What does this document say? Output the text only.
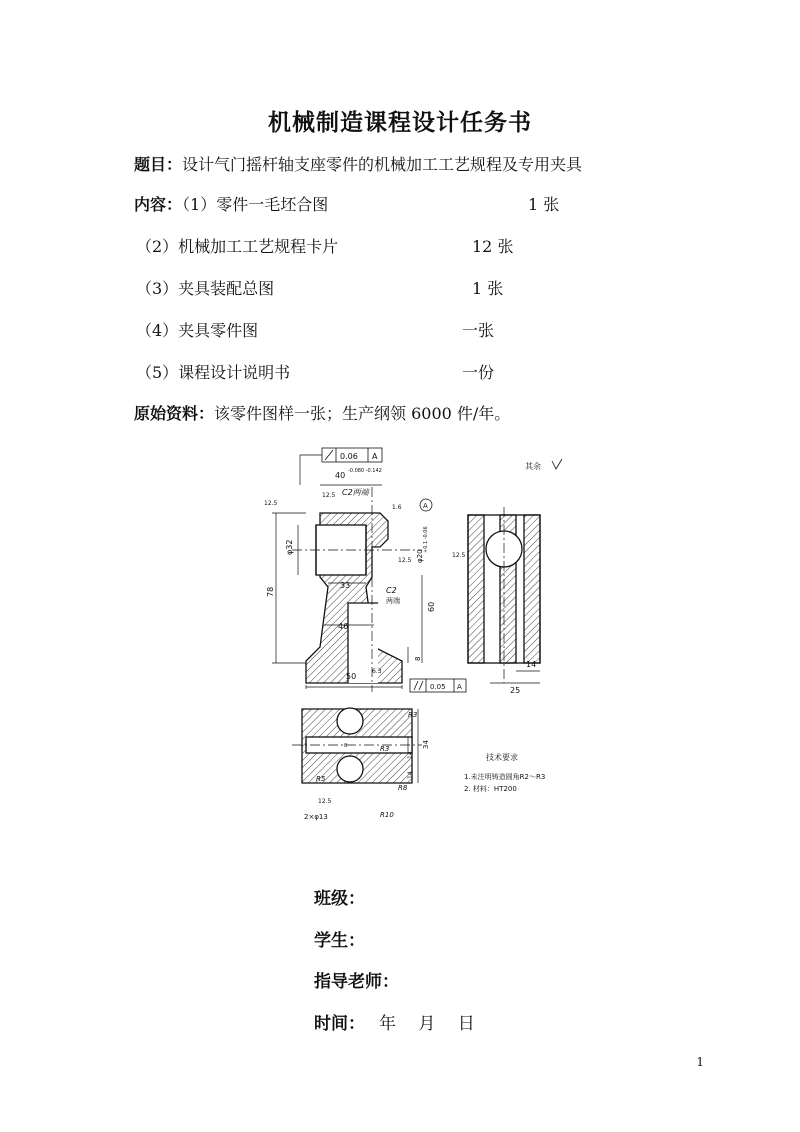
机械制造课程设计任务书
题目：设计气门摇杆轴支座零件的机械加工工艺规程及专用夹具
内容：（1）零件一毛坯合图	1 张
（2）机械加工工艺规程卡片	12 张
（3）夹具装配总图	1 张
（4）夹具零件图	一张
（5）课程设计说明书	一份
原始资料：该零件图样一张；生产纲领 6000 件/年。
0.06 A
40 -0.080 -0.142
C2两端
12.5
12.5
1.6
12.5
6.3
A
φ32
φ20
+0.1 -0.06
33
46
50
78
60
8
C2
两端
0.05 A
14
25
12.5
其余
R3
R3
R5
R8
R10
34
14
14
8
2×φ13
12.5
技术要求
1.未注明铸造圆角R2～R3
2. 材料：HT200
班级：
学生：
指导老师：
时间： 年　 月　 日
1
